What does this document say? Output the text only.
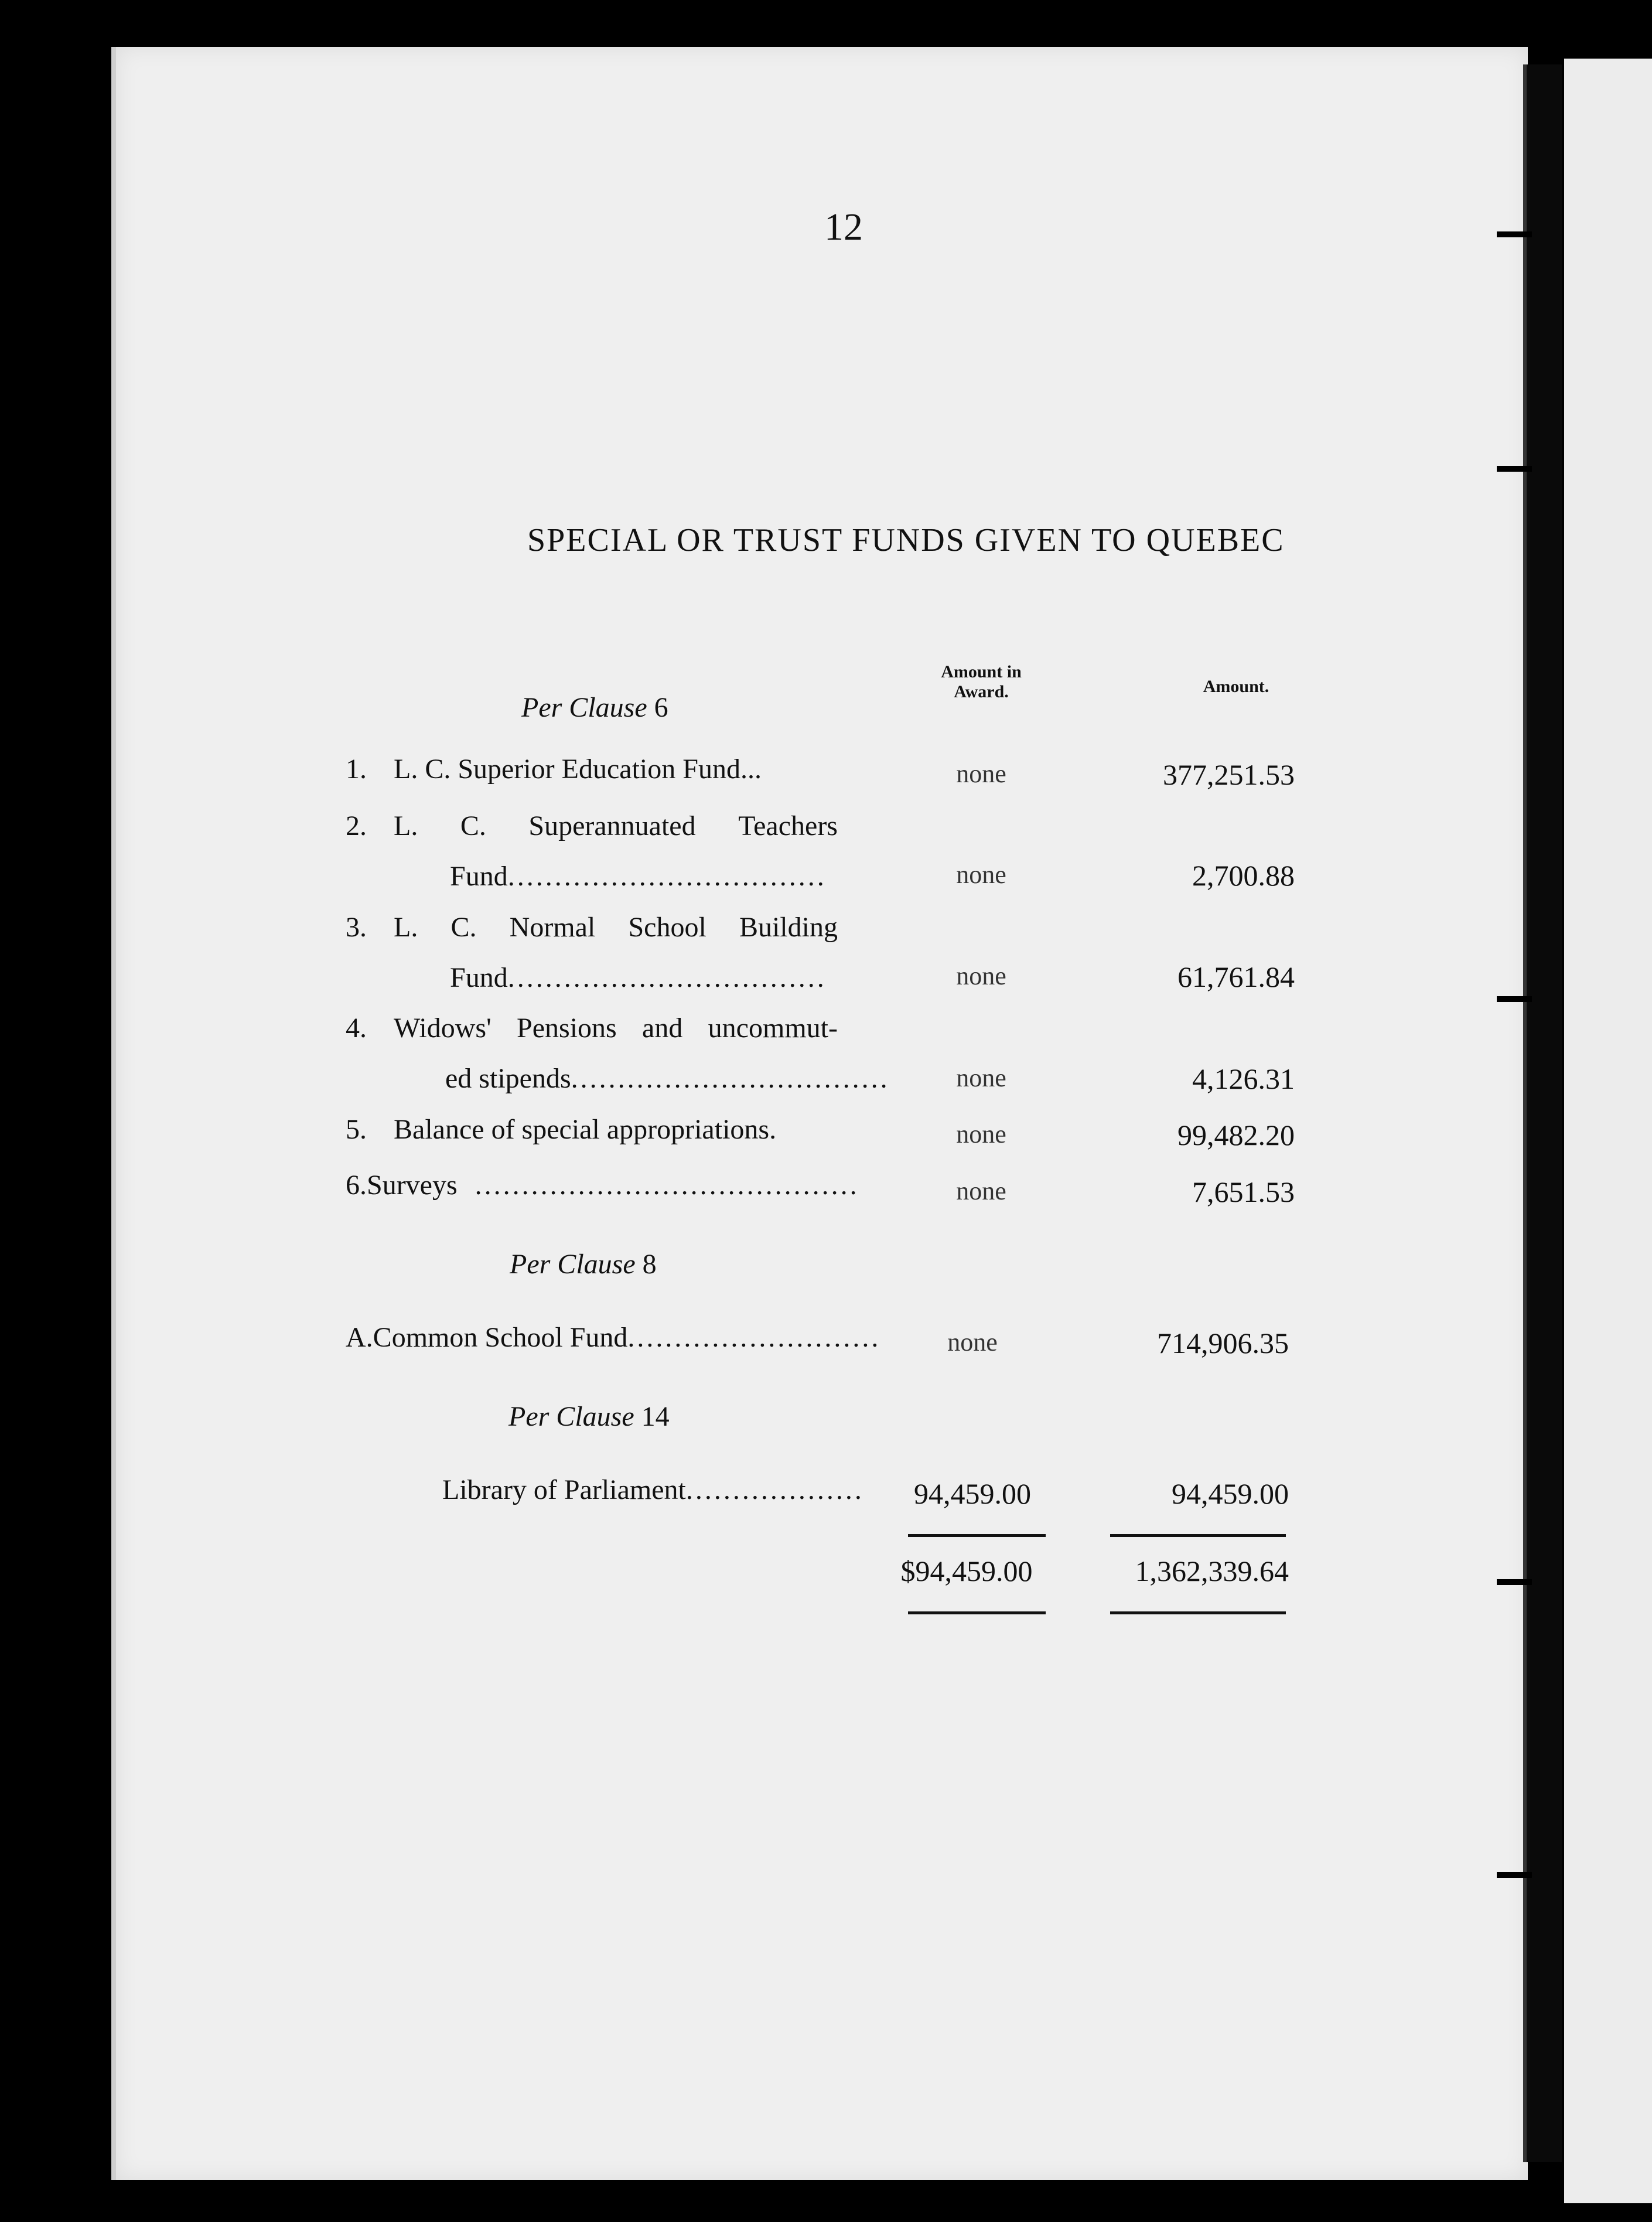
12
SPECIAL OR TRUST FUNDS GIVEN TO QUEBEC
Amount in
Award.	Amount.
Per Clause 6
1. L. C. Superior Education Fund...	none	377,251.53
2. L. C. Superannuated Teachers
Fund ..................................	none	2,700.88
3. L. C. Normal School Building
Fund ..................................	none	61,761.84
4. Widows' Pensions and uncommut-
ed stipends ..................................	none	4,126.31
5. Balance of special appropriations.	none	99,482.20
6. Surveys .........................................	none	7,651.53
Per Clause 8
A. Common School Fund ...........................	none	714,906.35
Per Clause 14
Library of Parliament ...................	94,459.00	94,459.00
$94,459.00	1,362,339.64
